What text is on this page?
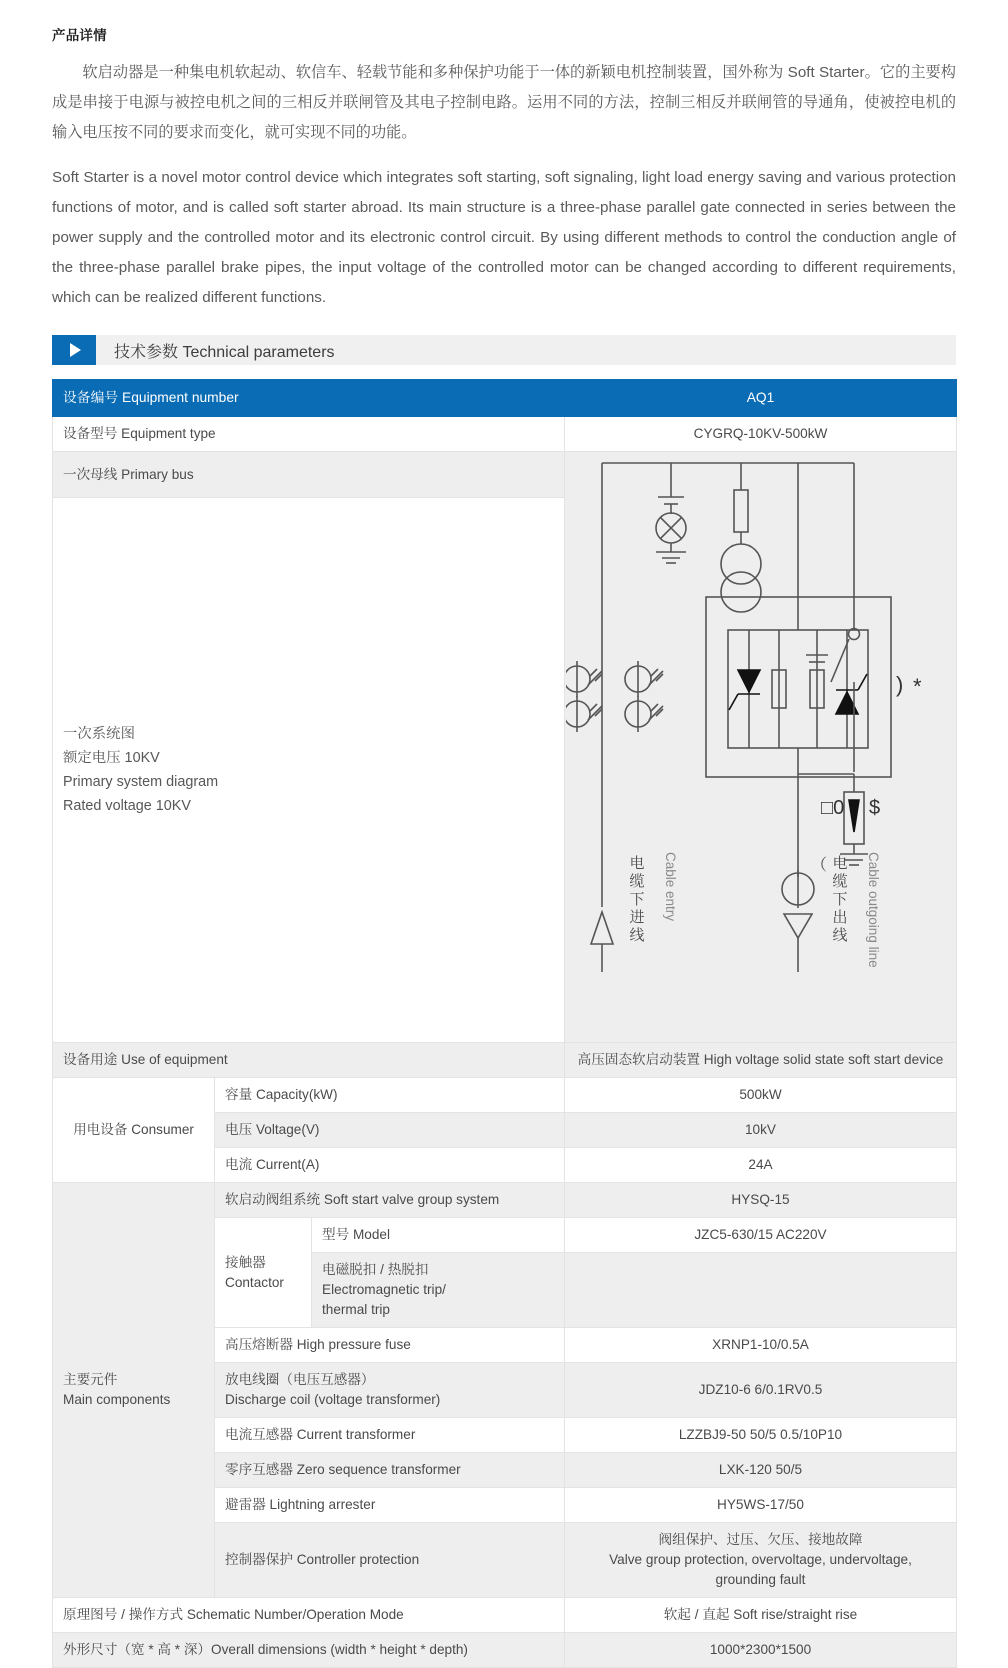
产品详情

软启动器是一种集电机软起动、软信车、轻载节能和多种保护功能于一体的新颖电机控制装置，国外称为 Soft Starter。它的主要构成是串接于电源与被控电机之间的三相反并联闸管及其电子控制电路。运用不同的方法，控制三相反并联闸管的导通角，使被控电机的输入电压按不同的要求而变化，就可实现不同的功能。

Soft Starter is a novel motor control device which integrates soft starting, soft signaling, light load energy saving and various protection functions of motor, and is called soft starter abroad. Its main structure is a three-phase parallel gate connected in series between the power supply and the controlled motor and its electronic control circuit. By using different methods to control the conduction angle of the three-phase parallel brake pipes, the input voltage of the controlled motor can be changed according to different requirements, which can be realized different functions.

技术参数 Technical parameters
设备编号 Equipment number			AQ1
设备型号 Equipment type			CYGRQ-10KV-500kW
一次母线 Primary bus	
电缆下进线 Cable entry	（ 电缆下出线 Cable outgoing line
□0 $
) *

一次系统图
额定电压 10KV
Primary system diagram
Rated voltage 10KV			

设备用途 Use of equipment			高压固态软启动装置 High voltage solid state soft start device
用电设备 Consumer	容量 Capacity(kW)		500kW
	电压 Voltage(V)		10kV
	电流 Current(A)		24A

主要元件
Main components	软启动阀组系统 Soft start valve group system		HYSQ-15

	接触器
Contactor	型号 Model	JZC5-630/15 AC220V

		电磁脱扣 / 热脱扣
Electromagnetic trip/
thermal trip	

	高压熔断器 High pressure fuse		XRNP1-10/0.5A

	放电线圈（电压互感器）
Discharge coil (voltage transformer)		JDZ10-6 6/0.1RV0.5
	电流互感器 Current transformer		LZZBJ9-50 50/5 0.5/10P10
	零序互感器 Zero sequence transformer		LXK-120 50/5
	避雷器 Lightning arrester		HY5WS-17/50
	控制器保护 Controller protection		阀组保护、过压、欠压、接地故障
Valve group protection, overvoltage, undervoltage,
grounding fault

原理图号 / 操作方式 Schematic Number/Operation Mode			软起 / 直起 Soft rise/straight rise
外形尺寸（宽 * 高 * 深）Overall dimensions (width * height * depth)			1000*2300*1500
